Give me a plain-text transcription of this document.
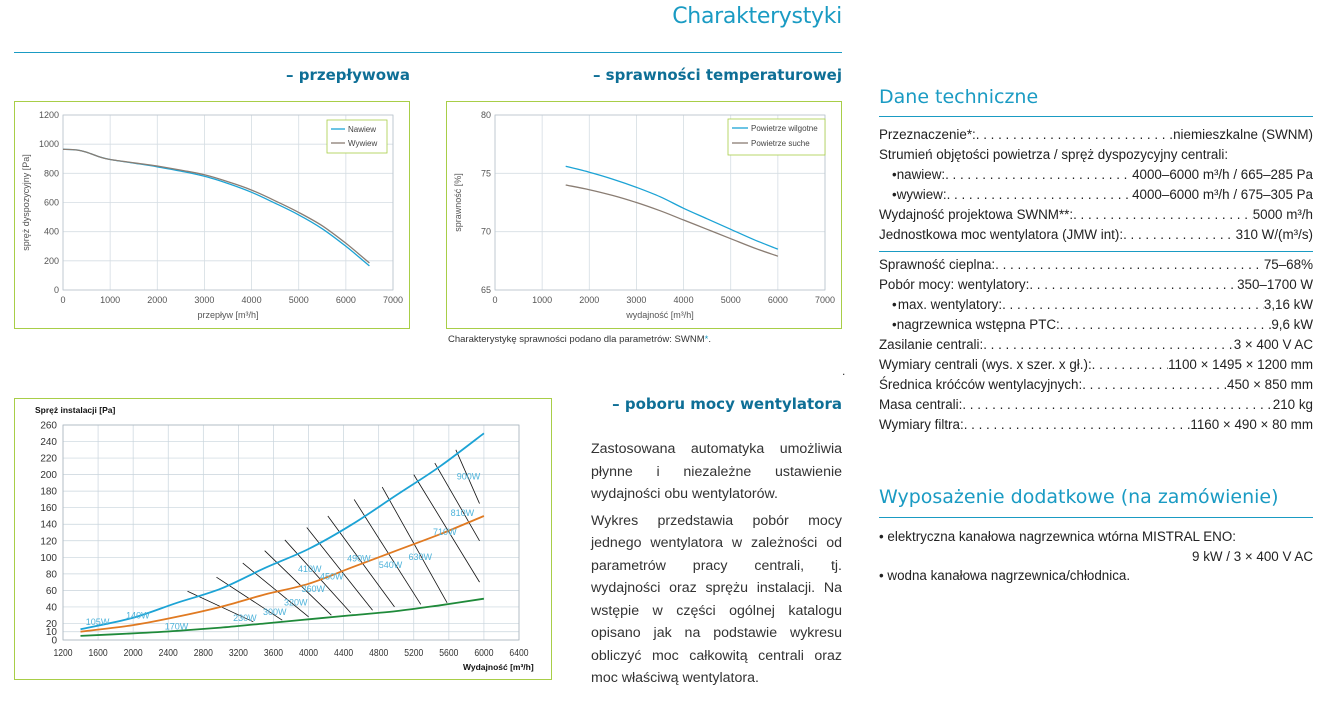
Charakterystyki
– przepływowa	– sprawności temperaturowej
– poboru mocy wentylatora
.
0	1000	2000	3000	4000	5000	6000	7000
0
200
400
600
800
1000
1200
przepływ [m³/h]
spręż dyspozycyjny [Pa]
Nawiew
Wywiew
0	1000	2000	3000	4000	5000	6000	7000
65
70
75
80
wydajność [m³/h]
sprawność [%]
Powietrze wilgotne
Powietrze suche
Charakterystykę sprawności podano dla parametrów: SWNM*.
1200 1600 2000 2400 2800 3200 3600 4000 4400 4800 5200 5600 6000 6400
0
10
20
40
60
80
100
120
140
160
180
200
220
240
260
Spręż instalacji [Pa]
Wydajność [m³/h]
105W
140W
170W
230W
300W
320W
360W
410W
450W
490W
540W
630W
710W
810W
900W

Zastosowana automatyka umożliwia płynne i niezależne ustawienie wydajności obu wentylatorów.

Wykres przedstawia pobór mocy jednego wentylatora w zależności od parametrów pracy centrali, tj. wydajności oraz sprężu instalacji. Na wstępie w części ogólnej katalogu opisano jak na podstawie wykresu obliczyć moc całkowitą centrali oraz moc właściwą wentylatora.

Dane techniczne
Przeznaczenie*: . . .	niemieszkalne (SWNM)
Strumień objętości powietrza / spręż dyspozycyjny centrali:
• nawiew: . . .	4000–6000 m³/h / 665–285 Pa
• wywiew: . . .	4000–6000 m³/h / 675–305 Pa
Wydajność projektowa SWNM**: . . .	5000 m³/h
Jednostkowa moc wentylatora (JMW int): . . .	310 W/(m³/s)
Sprawność cieplna: . . .	75–68%
Pobór mocy: wentylatory: . . .	350–1700 W
• max. wentylatory: . . .	3,16 kW
• nagrzewnica wstępna PTC: . . .	9,6 kW
Zasilanie centrali: . . .	3 × 400 V AC
Wymiary centrali (wys. x szer. x gł.): . . .	1100 × 1495 × 1200 mm
Średnica króćców wentylacyjnych: . . .	450 × 850 mm
Masa centrali: . . .	210 kg
Wymiary filtra: . . .	1160 × 490 × 80 mm
Wyposażenie dodatkowe (na zamówienie)
• elektryczna kanałowa nagrzewnica wtórna MISTRAL ENO:
9 kW / 3 × 400 V AC
• wodna kanałowa nagrzewnica/chłodnica.
